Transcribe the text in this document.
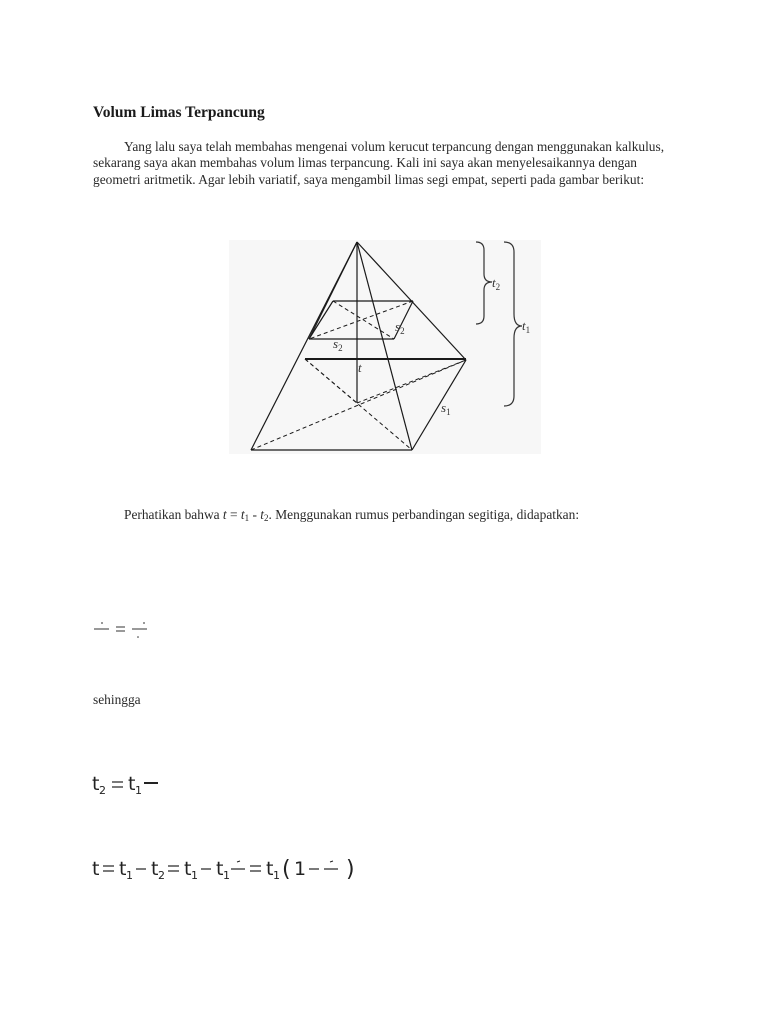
Volum Limas Terpancung
Yang lalu saya telah membahas mengenai volum kerucut terpancung dengan menggunakan kalkulus, sekarang saya akan membahas volum limas terpancung. Kali ini saya akan menyelesaikannya dengan geometri aritmetik. Agar lebih variatif, saya mengambil limas segi empat, seperti pada gambar berikut:
$s_2$
$s_2$
t
$s_1$
$t_2$
$t_1$
Perhatikan bahwa $t = t_1 - t_2$. Menggunakan rumus perbandingan segitiga, didapatkan:
sehingga
t 2 t 1
t t 1 t 2 t 1 t 1 t 1 ( 1 )
